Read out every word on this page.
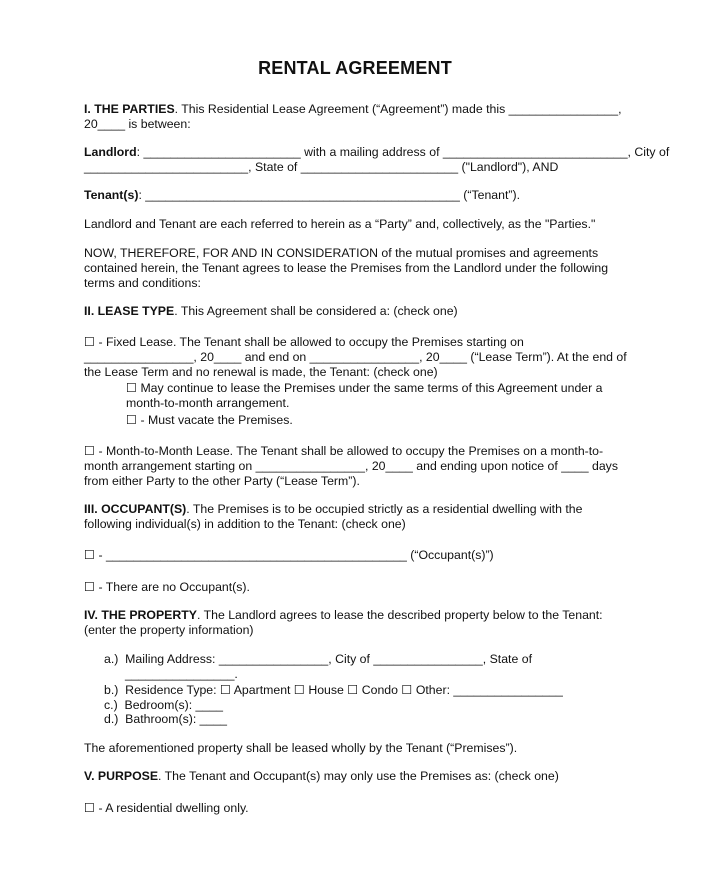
RENTAL AGREEMENT
I. THE PARTIES. This Residential Lease Agreement (“Agreement”) made this ________________,
20____ is between:
Landlord: _______________________ with a mailing address of ___________________________, City of
________________________, State of _______________________ ("Landlord"), AND
Tenant(s): ______________________________________________ (“Tenant”).
Landlord and Tenant are each referred to herein as a “Party” and, collectively, as the "Parties."
NOW, THEREFORE, FOR AND IN CONSIDERATION of the mutual promises and agreements
contained herein, the Tenant agrees to lease the Premises from the Landlord under the following
terms and conditions:
II. LEASE TYPE. This Agreement shall be considered a: (check one)
☐ - Fixed Lease. The Tenant shall be allowed to occupy the Premises starting on
________________, 20____ and end on ________________, 20____ (“Lease Term”). At the end of
the Lease Term and no renewal is made, the Tenant: (check one)
☐ May continue to lease the Premises under the same terms of this Agreement under a
month-to-month arrangement.
☐ - Must vacate the Premises.
☐ - Month-to-Month Lease. The Tenant shall be allowed to occupy the Premises on a month-to-
month arrangement starting on ________________, 20____ and ending upon notice of ____ days
from either Party to the other Party (“Lease Term”).
III. OCCUPANT(S). The Premises is to be occupied strictly as a residential dwelling with the
following individual(s) in addition to the Tenant: (check one)
☐ - ____________________________________________ (“Occupant(s)”)
☐ - There are no Occupant(s).
IV. THE PROPERTY. The Landlord agrees to lease the described property below to the Tenant:
(enter the property information)
a.)  Mailing Address: ________________, City of ________________, State of
________________.
b.)  Residence Type: ☐ Apartment ☐ House ☐ Condo ☐ Other: ________________
c.)  Bedroom(s): ____
d.)  Bathroom(s): ____
The aforementioned property shall be leased wholly by the Tenant (“Premises”).
V. PURPOSE. The Tenant and Occupant(s) may only use the Premises as: (check one)
☐ - A residential dwelling only.
